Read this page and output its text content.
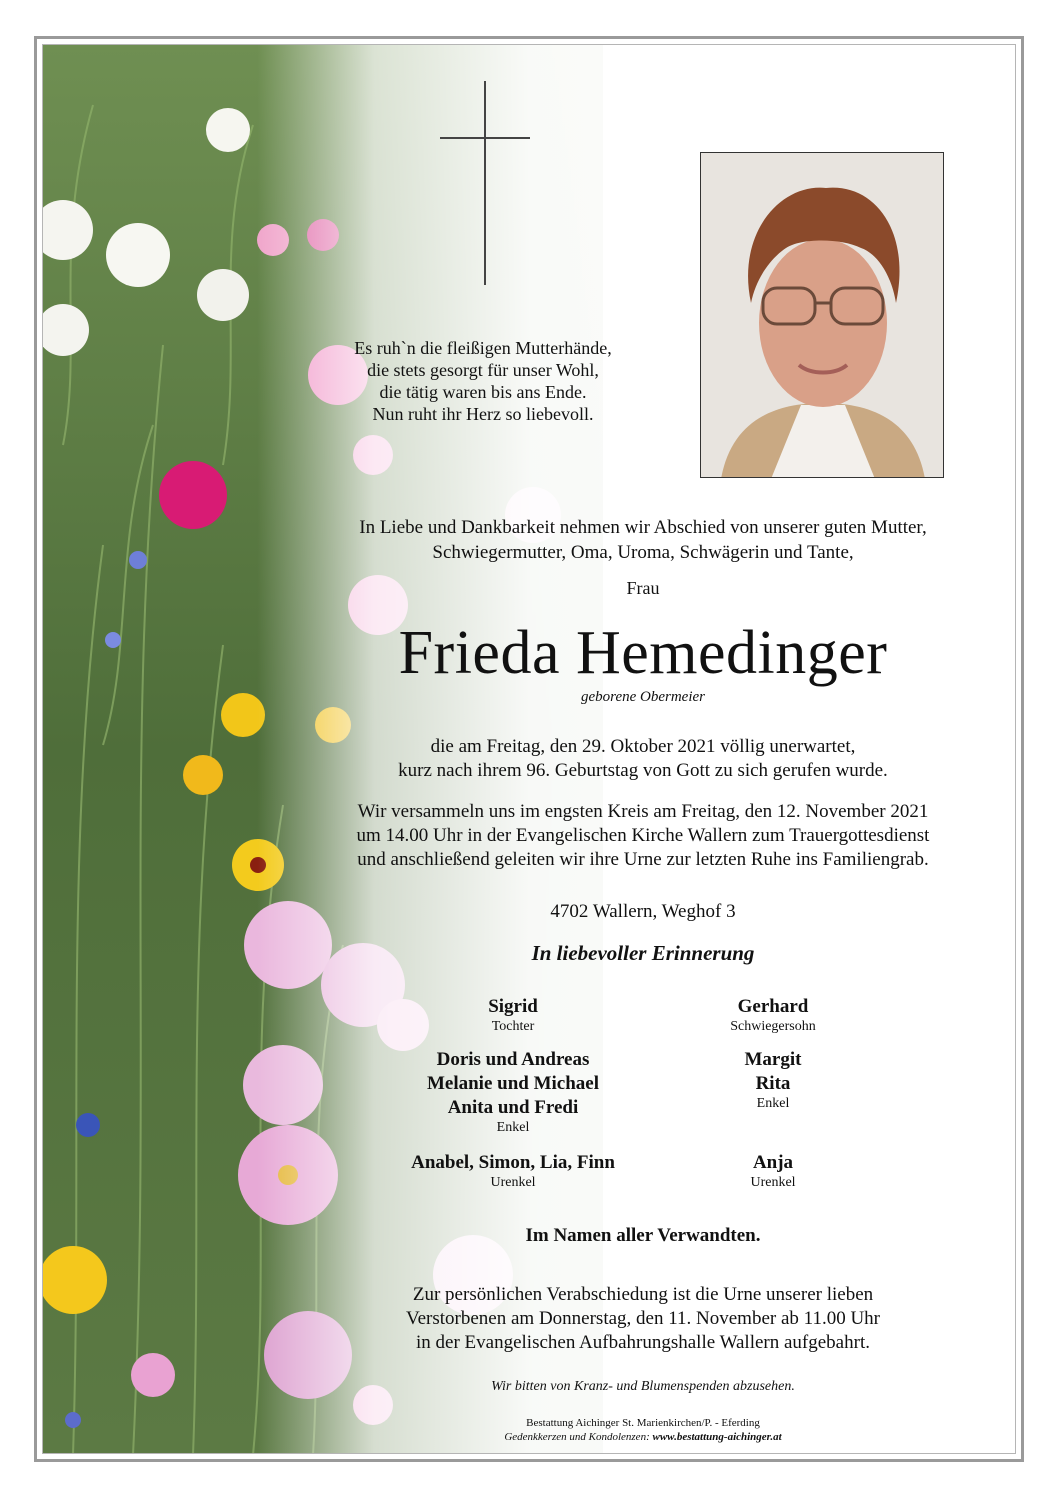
Es ruh`n die fleißigen Mutterhände,
die stets gesorgt für unser Wohl,
die tätig waren bis ans Ende.
Nun ruht ihr Herz so liebevoll.
In Liebe und Dankbarkeit nehmen wir Abschied von unserer guten Mutter,
Schwiegermutter, Oma, Uroma, Schwägerin und Tante,
Frau
Frieda Hemedinger
geborene Obermeier
die am Freitag, den 29. Oktober 2021 völlig unerwartet,
kurz nach ihrem 96. Geburtstag von Gott zu sich gerufen wurde.
Wir versammeln uns im engsten Kreis am Freitag, den 12. November 2021
um 14.00 Uhr in der Evangelischen Kirche Wallern zum Trauergottesdienst
und anschließend geleiten wir ihre Urne zur letzten Ruhe ins Familiengrab.
4702 Wallern, Weghof 3
In liebevoller Erinnerung
Sigrid
Tochter
Doris und Andreas
Melanie und Michael
Anita und Fredi
Enkel
Anabel, Simon, Lia, Finn
Urenkel
Gerhard
Schwiegersohn
Margit
Rita
Enkel
Anja
Urenkel
Im Namen aller Verwandten.
Zur persönlichen Verabschiedung ist die Urne unserer lieben
Verstorbenen am Donnerstag, den 11. November ab 11.00 Uhr
in der Evangelischen Aufbahrungshalle Wallern aufgebahrt.
Wir bitten von Kranz- und Blumenspenden abzusehen.
Bestattung Aichinger St. Marienkirchen/P. - Eferding
Gedenkkerzen und Kondolenzen: www.bestattung-aichinger.at
